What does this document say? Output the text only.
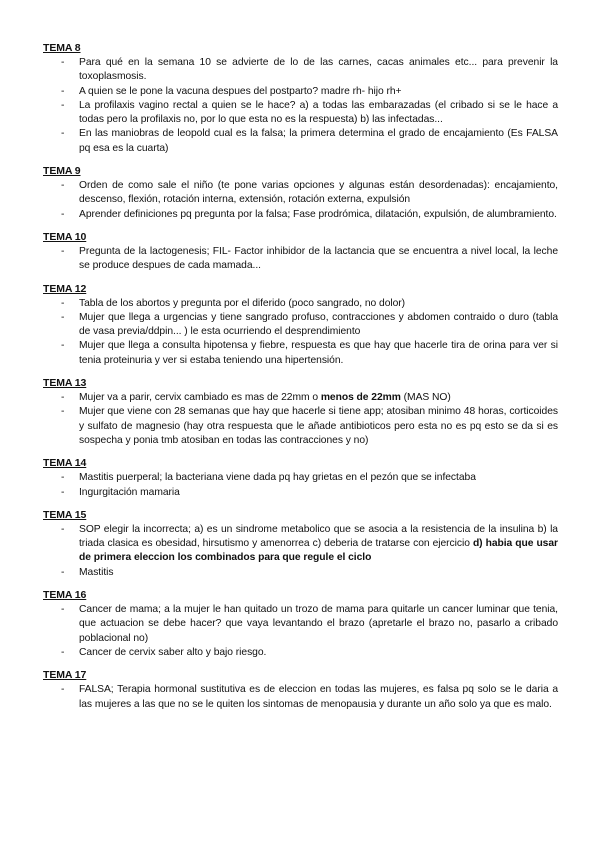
TEMA 8
- Para qué en la semana 10 se advierte de lo de las carnes, cacas animales etc... para prevenir la toxoplasmosis.
- A quien se le pone la vacuna despues del postparto? madre rh- hijo rh+
- La profilaxis vagino rectal a quien se le hace? a) a todas las embarazadas (el cribado si se le hace a todas pero la profilaxis no, por lo que esta no es la respuesta) b) las infectadas...
- En las maniobras de leopold cual es la falsa; la primera determina el grado de encajamiento (Es FALSA pq esa es la cuarta)
TEMA 9
- Orden de como sale el niño (te pone varias opciones y algunas están desordenadas): encajamiento, descenso, flexión, rotación interna, extensión, rotación externa, expulsión
- Aprender definiciones pq pregunta por la falsa; Fase prodrómica, dilatación, expulsión, de alumbramiento.
TEMA 10
- Pregunta de la lactogenesis; FIL- Factor inhibidor de la lactancia que se encuentra a nivel local, la leche se produce despues de cada mamada...
TEMA 12
- Tabla de los abortos y pregunta por el diferido (poco sangrado, no dolor)
- Mujer que llega a urgencias y tiene sangrado profuso, contracciones y abdomen contraido o duro (tabla de vasa previa/ddpin... ) le esta ocurriendo el desprendimiento
- Mujer que llega a consulta hipotensa y fiebre, respuesta es que hay que hacerle tira de orina para ver si tenia proteinuria y ver si estaba teniendo una hipertensión.
TEMA 13
- Mujer va a parir, cervix cambiado es mas de 22mm o menos de 22mm (MAS NO)
- Mujer que viene con 28 semanas que hay que hacerle si tiene app; atosiban minimo 48 horas, corticoides y sulfato de magnesio (hay otra respuesta que le añade antibioticos pero esta no es pq esto se da si es sospecha y ponia tmb atosiban en todas las contracciones y no)
TEMA 14
- Mastitis puerperal; la bacteriana viene dada pq hay grietas en el pezón que se infectaba
- Ingurgitación mamaria
TEMA 15
- SOP elegir la incorrecta; a) es un sindrome metabolico que se asocia a la resistencia de la insulina b) la triada clasica es obesidad, hirsutismo y amenorrea c) deberia de tratarse con ejercicio d) habia que usar de primera eleccion los combinados para que regule el ciclo
- Mastitis
TEMA 16
- Cancer de mama; a la mujer le han quitado un trozo de mama para quitarle un cancer luminar que tenia, que actuacion se debe hacer? que vaya levantando el brazo (apretarle el brazo no, pasarlo a cribado poblacional no)
- Cancer de cervix saber alto y bajo riesgo.
TEMA 17
- FALSA; Terapia hormonal sustitutiva es de eleccion en todas las mujeres, es falsa pq solo se le daria a las mujeres a las que no se le quiten los sintomas de menopausia y durante un año solo ya que es malo.
